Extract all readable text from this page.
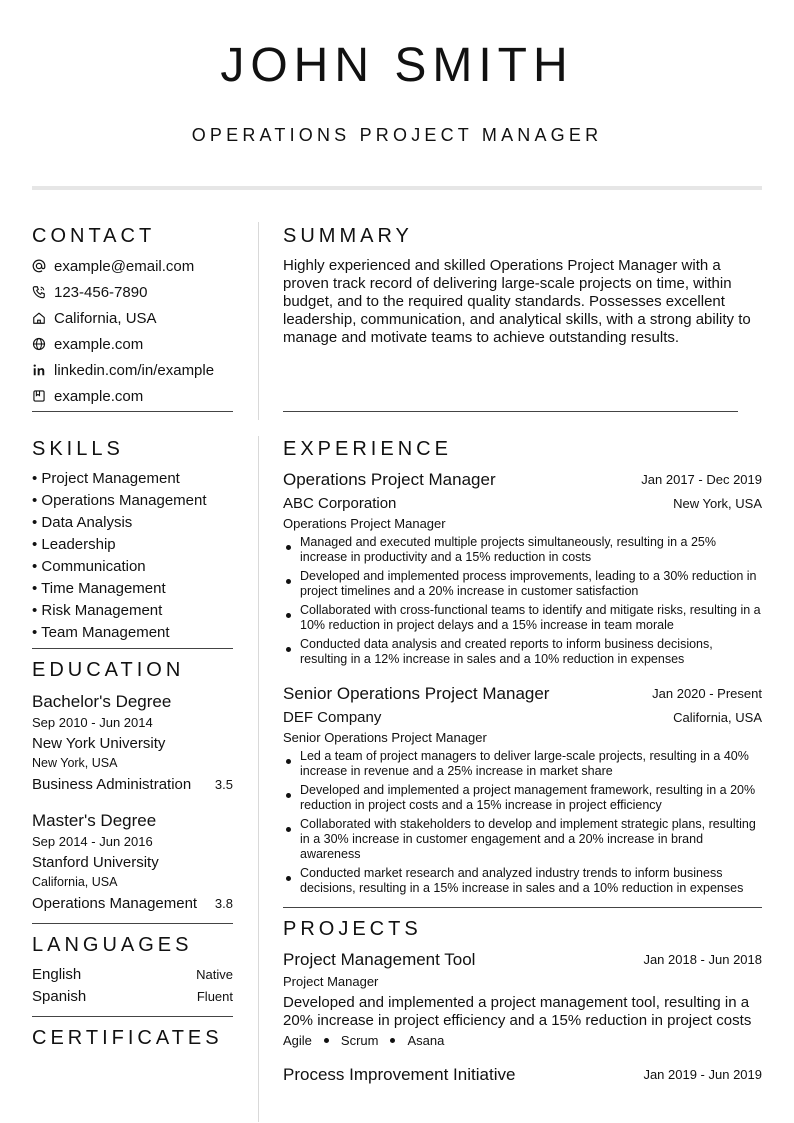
JOHN SMITH
OPERATIONS PROJECT MANAGER
CONTACT
example@email.com
123-456-7890
California, USA
example.com
linkedin.com/in/example
example.com
SUMMARY
Highly experienced and skilled Operations Project Manager with a proven track record of delivering large-scale projects on time, within budget, and to the required quality standards. Possesses excellent leadership, communication, and analytical skills, with a strong ability to manage and motivate teams to achieve outstanding results.
SKILLS
• Project Management
• Operations Management
• Data Analysis
• Leadership
• Communication
• Time Management
• Risk Management
• Team Management
EDUCATION
Bachelor's Degree
Sep 2010 - Jun 2014
New York University
New York, USA
Business Administration	3.5
Master's Degree
Sep 2014 - Jun 2016
Stanford University
California, USA
Operations Management	3.8
LANGUAGES
English	Native
Spanish	Fluent
CERTIFICATES
EXPERIENCE
Operations Project Manager	Jan 2017 - Dec 2019
ABC Corporation	New York, USA
Operations Project Manager
Managed and executed multiple projects simultaneously, resulting in a 25% increase in productivity and a 15% reduction in costs
Developed and implemented process improvements, leading to a 30% reduction in project timelines and a 20% increase in customer satisfaction
Collaborated with cross-functional teams to identify and mitigate risks, resulting in a 10% reduction in project delays and a 15% increase in team morale
Conducted data analysis and created reports to inform business decisions, resulting in a 12% increase in sales and a 10% reduction in expenses
Senior Operations Project Manager	Jan 2020 - Present
DEF Company	California, USA
Senior Operations Project Manager
Led a team of project managers to deliver large-scale projects, resulting in a 40% increase in revenue and a 25% increase in market share
Developed and implemented a project management framework, resulting in a 20% reduction in project costs and a 15% increase in project efficiency
Collaborated with stakeholders to develop and implement strategic plans, resulting in a 30% increase in customer engagement and a 20% increase in brand awareness
Conducted market research and analyzed industry trends to inform business decisions, resulting in a 15% increase in sales and a 10% reduction in expenses
PROJECTS
Project Management Tool	Jan 2018 - Jun 2018
Project Manager
Developed and implemented a project management tool, resulting in a 20% increase in project efficiency and a 15% reduction in project costs
Agile Scrum Asana
Process Improvement Initiative	Jan 2019 - Jun 2019
